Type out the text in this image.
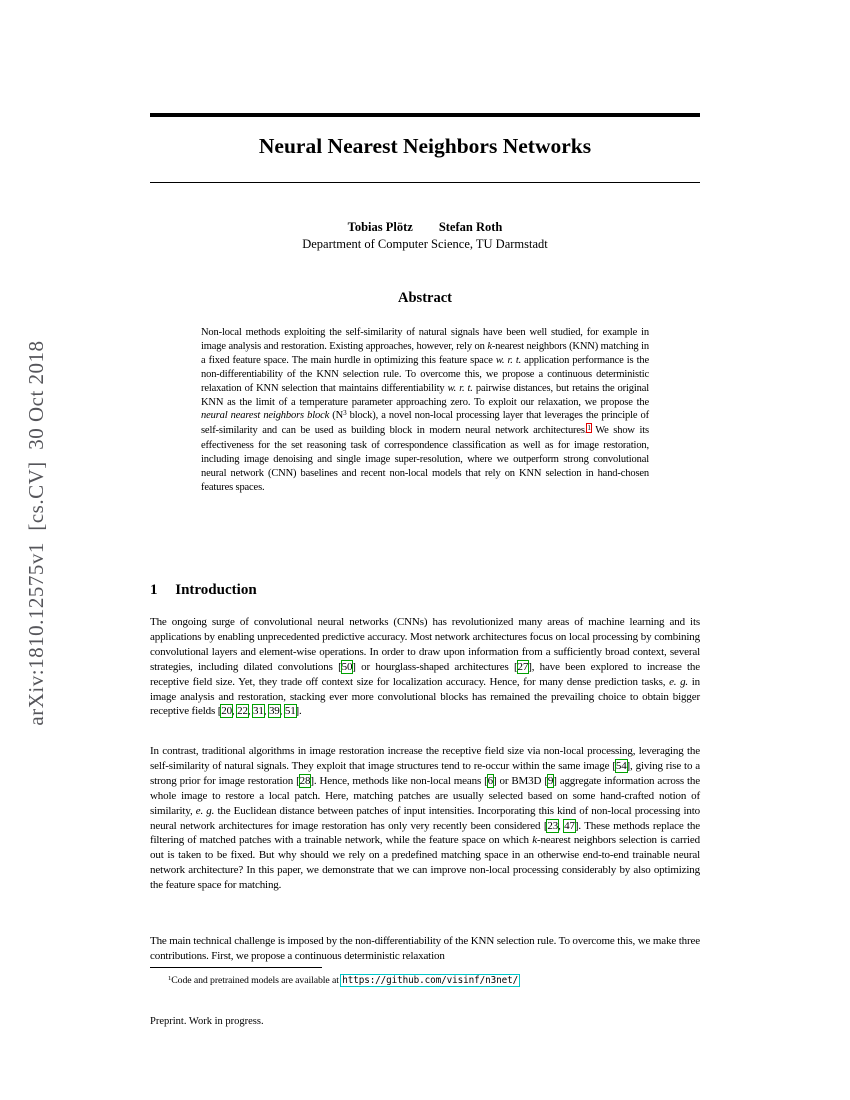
arXiv:1810.12575v1  [cs.CV]  30 Oct 2018
Neural Nearest Neighbors Networks
Tobias Plötz Stefan Roth
Department of Computer Science, TU Darmstadt
Abstract

Non-local methods exploiting the self-similarity of natural signals have been well studied, for example in image analysis and restoration. Existing approaches, however, rely on k-nearest neighbors (KNN) matching in a fixed feature space. The main hurdle in optimizing this feature space w. r. t. application performance is the non-differentiability of the KNN selection rule. To overcome this, we propose a continuous deterministic relaxation of KNN selection that maintains differentiability w. r. t. pairwise distances, but retains the original KNN as the limit of a temperature parameter approaching zero. To exploit our relaxation, we propose the neural nearest neighbors block ($N^3$ block), a novel non-local processing layer that leverages the principle of self-similarity and can be used as building block in modern neural network architectures.$^1$ We show its effectiveness for the set reasoning task of correspondence classification as well as for image restoration, including image denoising and single image super-resolution, where we outperform strong convolutional neural network (CNN) baselines and recent non-local models that rely on KNN selection in hand-chosen features spaces.

1 Introduction

The ongoing surge of convolutional neural networks (CNNs) has revolutionized many areas of machine learning and its applications by enabling unprecedented predictive accuracy. Most network architectures focus on local processing by combining convolutional layers and element-wise operations. In order to draw upon information from a sufficiently broad context, several strategies, including dilated convolutions [50] or hourglass-shaped architectures [27], have been explored to increase the receptive field size. Yet, they trade off context size for localization accuracy. Hence, for many dense prediction tasks, e. g. in image analysis and restoration, stacking ever more convolutional blocks has remained the prevailing choice to obtain bigger receptive fields [20, 22, 31, 39, 51].

In contrast, traditional algorithms in image restoration increase the receptive field size via non-local processing, leveraging the self-similarity of natural signals. They exploit that image structures tend to re-occur within the same image [54], giving rise to a strong prior for image restoration [28]. Hence, methods like non-local means [6] or BM3D [9] aggregate information across the whole image to restore a local patch. Here, matching patches are usually selected based on some hand-crafted notion of similarity, e. g. the Euclidean distance between patches of input intensities. Incorporating this kind of non-local processing into neural network architectures for image restoration has only very recently been considered [23, 47]. These methods replace the filtering of matched patches with a trainable network, while the feature space on which k-nearest neighbors selection is carried out is taken to be fixed. But why should we rely on a predefined matching space in an otherwise end-to-end trainable neural network architecture? In this paper, we demonstrate that we can improve non-local processing considerably by also optimizing the feature space for matching.

The main technical challenge is imposed by the non-differentiability of the KNN selection rule. To overcome this, we make three contributions. First, we propose a continuous deterministic relaxation

$^1$Code and pretrained models are available at https://github.com/visinf/n3net/
Preprint. Work in progress.
